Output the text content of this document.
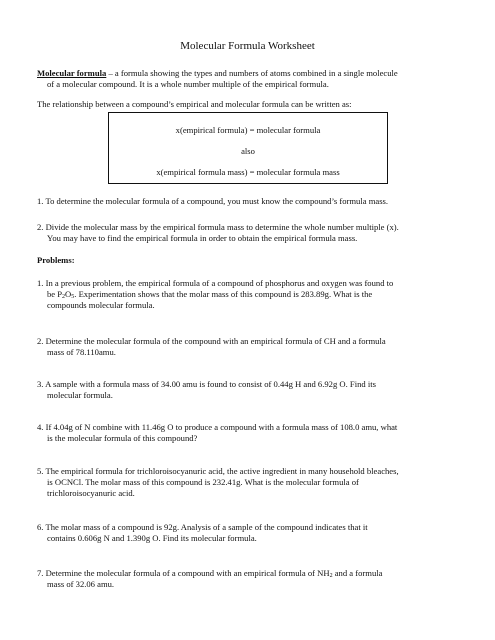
Molecular Formula Worksheet
Molecular formula – a formula showing the types and numbers of atoms combined in a single molecule
of a molecular compound. It is a whole number multiple of the empirical formula.
The relationship between a compound’s empirical and molecular formula can be written as:
x(empirical formula) = molecular formula
also
x(empirical formula mass) = molecular formula mass
1. To determine the molecular formula of a compound, you must know the compound’s formula mass.
2. Divide the molecular mass by the empirical formula mass to determine the whole number multiple (x).
You may have to find the empirical formula in order to obtain the empirical formula mass.
Problems:
1. In a previous problem, the empirical formula of a compound of phosphorus and oxygen was found to
be $P_2O_5$. Experimentation shows that the molar mass of this compound is 283.89g. What is the
compounds molecular formula.
2. Determine the molecular formula of the compound with an empirical formula of CH and a formula
mass of 78.110amu.
3. A sample with a formula mass of 34.00 amu is found to consist of 0.44g H and 6.92g O. Find its
molecular formula.
4. If 4.04g of N combine with 11.46g O to produce a compound with a formula mass of 108.0 amu, what
is the molecular formula of this compound?
5. The empirical formula for trichloroisocyanuric acid, the active ingredient in many household bleaches,
is OCNCl. The molar mass of this compound is 232.41g. What is the molecular formula of
trichloroisocyanuric acid.
6. The molar mass of a compound is 92g. Analysis of a sample of the compound indicates that it
contains 0.606g N and 1.390g O. Find its molecular formula.
7. Determine the molecular formula of a compound with an empirical formula of $NH_2$ and a formula
mass of 32.06 amu.
